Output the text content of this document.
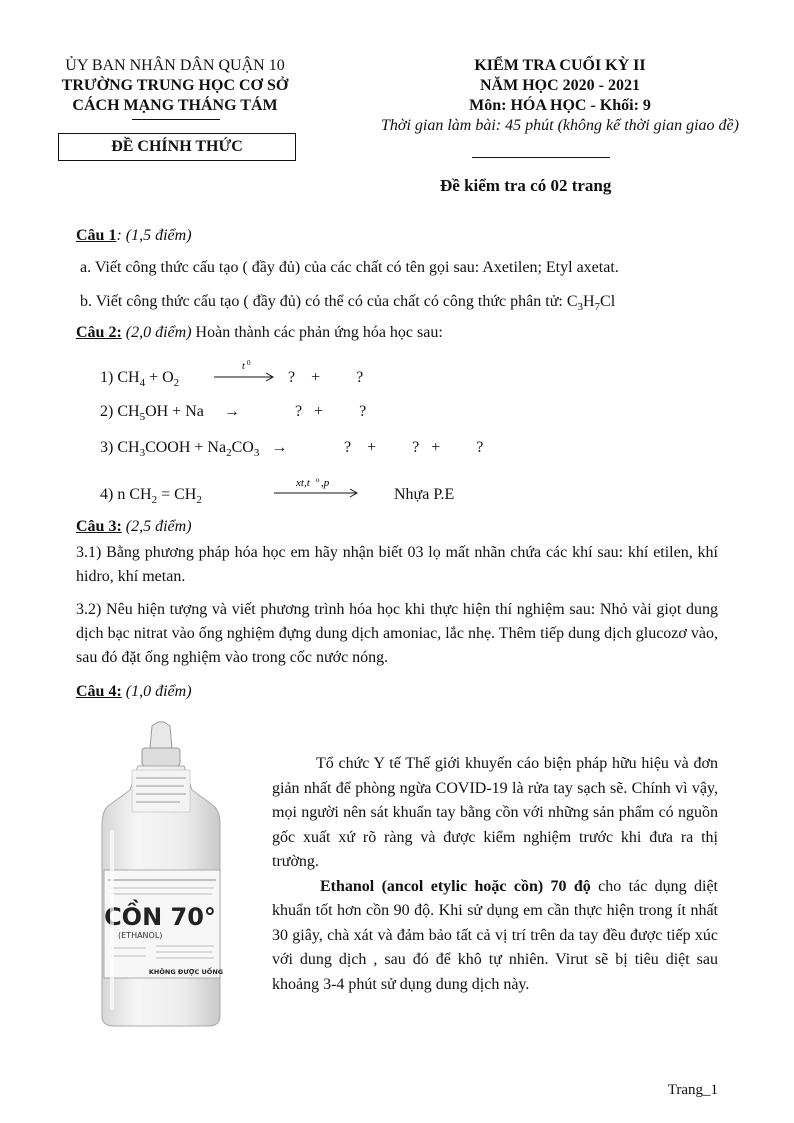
ỦY BAN NHÂN DÂN QUẬN 10
TRƯỜNG TRUNG HỌC CƠ SỞ
CÁCH MẠNG THÁNG TÁM
ĐỀ CHÍNH THỨC
KIỂM TRA CUỐI KỲ II
NĂM HỌC 2020 - 2021
Môn: HÓA HỌC - Khối: 9
Thời gian làm bài: 45 phút (không kể thời gian giao đề)
Đề kiểm tra có 02 trang
Câu 1: (1,5 điểm)
a. Viết công thức cấu tạo ( đầy đủ) của các chất có tên gọi sau: Axetilen; Etyl axetat.
b. Viết công thức cấu tạo ( đầy đủ) có thể có của chất có công thức phân tử: $C_3H_7Cl$
Câu 2: (2,0 điểm) Hoàn thành các phản ứng hóa học sau:
1) $CH_4 + O_2$
t 0
?    +         ?
2) $CH_5OH + Na$ →	?   +         ?
3) $CH_3COOH + Na_2CO_3$ →	?    +         ?   +         ?
4) n $CH_2 = CH_2$
xt,t o ,p
Nhựa P.E
Câu 3: (2,5 điểm)
3.1) Bằng phương pháp hóa học em hãy nhận biết 03 lọ mất nhãn chứa các khí sau: khí etilen, khí hidro, khí metan.
3.2) Nêu hiện tượng và viết phương trình hóa học khi thực hiện thí nghiệm sau: Nhỏ vài giọt dung dịch bạc nitrat vào ống nghiệm đựng dung dịch amoniac, lắc nhẹ. Thêm tiếp dung dịch glucozơ vào, sau đó đặt ống nghiệm vào trong cốc nước nóng.
Câu 4: (1,0 điểm)
CỒN 70°
(ETHANOL)
KHÔNG ĐƯỢC UỐNG
Tổ chức Y tế Thế giới khuyến cáo biện pháp hữu hiệu và đơn giản nhất để phòng ngừa COVID-19 là rửa tay sạch sẽ. Chính vì vậy, mọi người nên sát khuẩn tay bằng cồn với những sản phẩm có nguồn gốc xuất xứ rõ ràng và được kiểm nghiệm trước khi đưa ra thị trường.
Ethanol (ancol etylic hoặc cồn) 70 độ cho tác dụng diệt khuẩn tốt hơn cồn 90 độ. Khi sử dụng em cần thực hiện trong ít nhất 30 giây, chà xát và đảm bảo tất cả vị trí trên da tay đều được tiếp xúc với dung dịch , sau đó để khô tự nhiên. Virut sẽ bị tiêu diệt sau khoảng 3-4 phút sử dụng dung dịch này.
Trang_1
